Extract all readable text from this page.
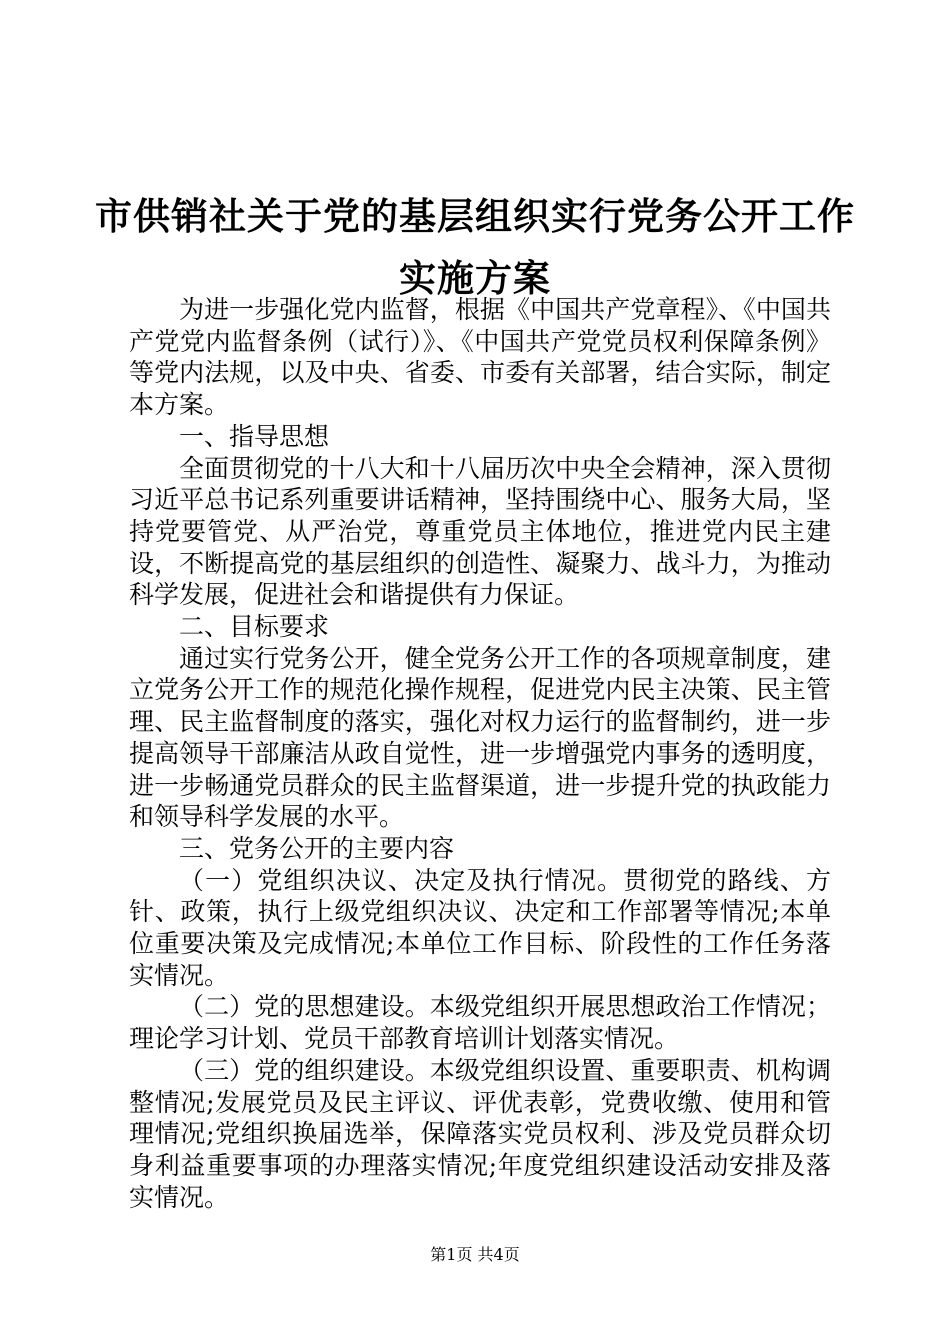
市供销社关于党的基层组织实行党务公开工作
实施方案

为进一步强化党内监督，根据《中国共产党章程》、《中国共产党党内监督条例（试行）》、《中国共产党党员权利保障条例》等党内法规，以及中央、省委、市委有关部署，结合实际，制定本方案。

一、指导思想

全面贯彻党的十八大和十八届历次中央全会精神，深入贯彻习近平总书记系列重要讲话精神，坚持围绕中心、服务大局，坚持党要管党、从严治党，尊重党员主体地位，推进党内民主建设，不断提高党的基层组织的创造性、凝聚力、战斗力，为推动科学发展，促进社会和谐提供有力保证。

二、目标要求

通过实行党务公开，健全党务公开工作的各项规章制度，建立党务公开工作的规范化操作规程，促进党内民主决策、民主管理、民主监督制度的落实，强化对权力运行的监督制约，进一步提高领导干部廉洁从政自觉性，进一步增强党内事务的透明度，进一步畅通党员群众的民主监督渠道，进一步提升党的执政能力和领导科学发展的水平。

三、党务公开的主要内容

（一）党组织决议、决定及执行情况。贯彻党的路线、方针、政策，执行上级党组织决议、决定和工作部署等情况;本单位重要决策及完成情况;本单位工作目标、阶段性的工作任务落实情况。

（二）党的思想建设。本级党组织开展思想政治工作情况；理论学习计划、党员干部教育培训计划落实情况。

（三）党的组织建设。本级党组织设置、重要职责、机构调整情况;发展党员及民主评议、评优表彰，党费收缴、使用和管理情况;党组织换届选举，保障落实党员权利、涉及党员群众切身利益重要事项的办理落实情况;年度党组织建设活动安排及落实情况。

第1页 共4页
